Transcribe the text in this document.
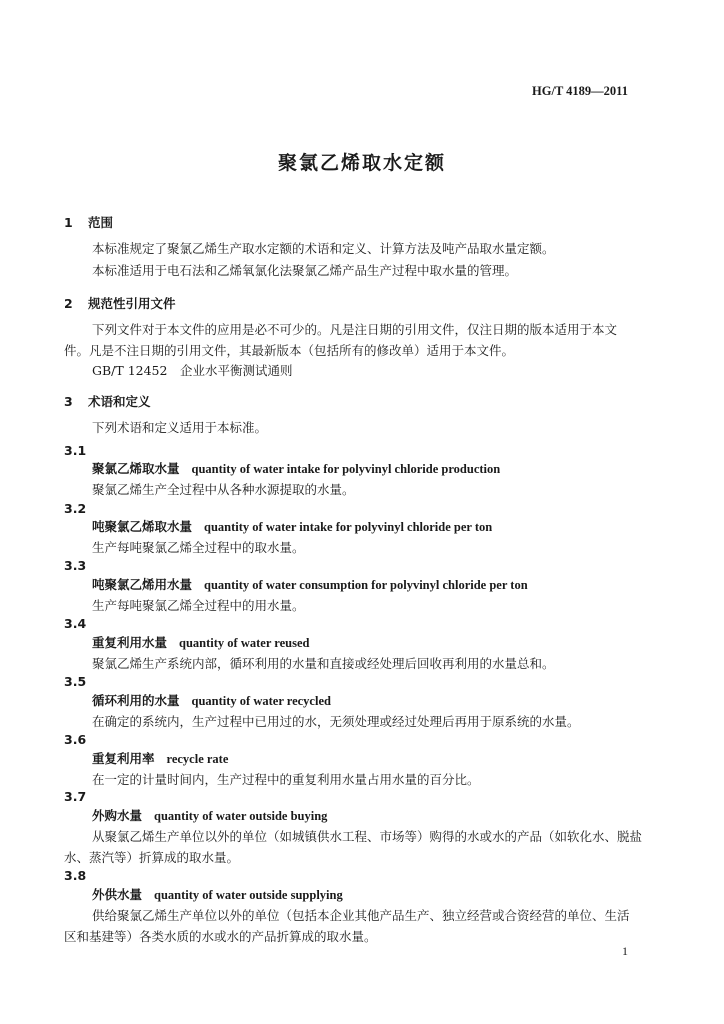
HG/T 4189—2011
聚氯乙烯取水定额
1 范围
本标准规定了聚氯乙烯生产取水定额的术语和定义、计算方法及吨产品取水量定额。
本标准适用于电石法和乙烯氧氯化法聚氯乙烯产品生产过程中取水量的管理。
2 规范性引用文件
下列文件对于本文件的应用是必不可少的。凡是注日期的引用文件，仅注日期的版本适用于本文
件。凡是不注日期的引用文件，其最新版本（包括所有的修改单）适用于本文件。
GB/T 12452　企业水平衡测试通则
3 术语和定义
下列术语和定义适用于本标准。
3.1
聚氯乙烯取水量 quantity of water intake for polyvinyl chloride production
聚氯乙烯生产全过程中从各种水源提取的水量。
3.2
吨聚氯乙烯取水量 quantity of water intake for polyvinyl chloride per ton
生产每吨聚氯乙烯全过程中的取水量。
3.3
吨聚氯乙烯用水量 quantity of water consumption for polyvinyl chloride per ton
生产每吨聚氯乙烯全过程中的用水量。
3.4
重复利用水量 quantity of water reused
聚氯乙烯生产系统内部，循环利用的水量和直接或经处理后回收再利用的水量总和。
3.5
循环利用的水量 quantity of water recycled
在确定的系统内，生产过程中已用过的水，无须处理或经过处理后再用于原系统的水量。
3.6
重复利用率 recycle rate
在一定的计量时间内，生产过程中的重复利用水量占用水量的百分比。
3.7
外购水量 quantity of water outside buying
从聚氯乙烯生产单位以外的单位（如城镇供水工程、市场等）购得的水或水的产品（如软化水、脱盐
水、蒸汽等）折算成的取水量。
3.8
外供水量 quantity of water outside supplying
供给聚氯乙烯生产单位以外的单位（包括本企业其他产品生产、独立经营或合资经营的单位、生活
区和基建等）各类水质的水或水的产品折算成的取水量。
1
